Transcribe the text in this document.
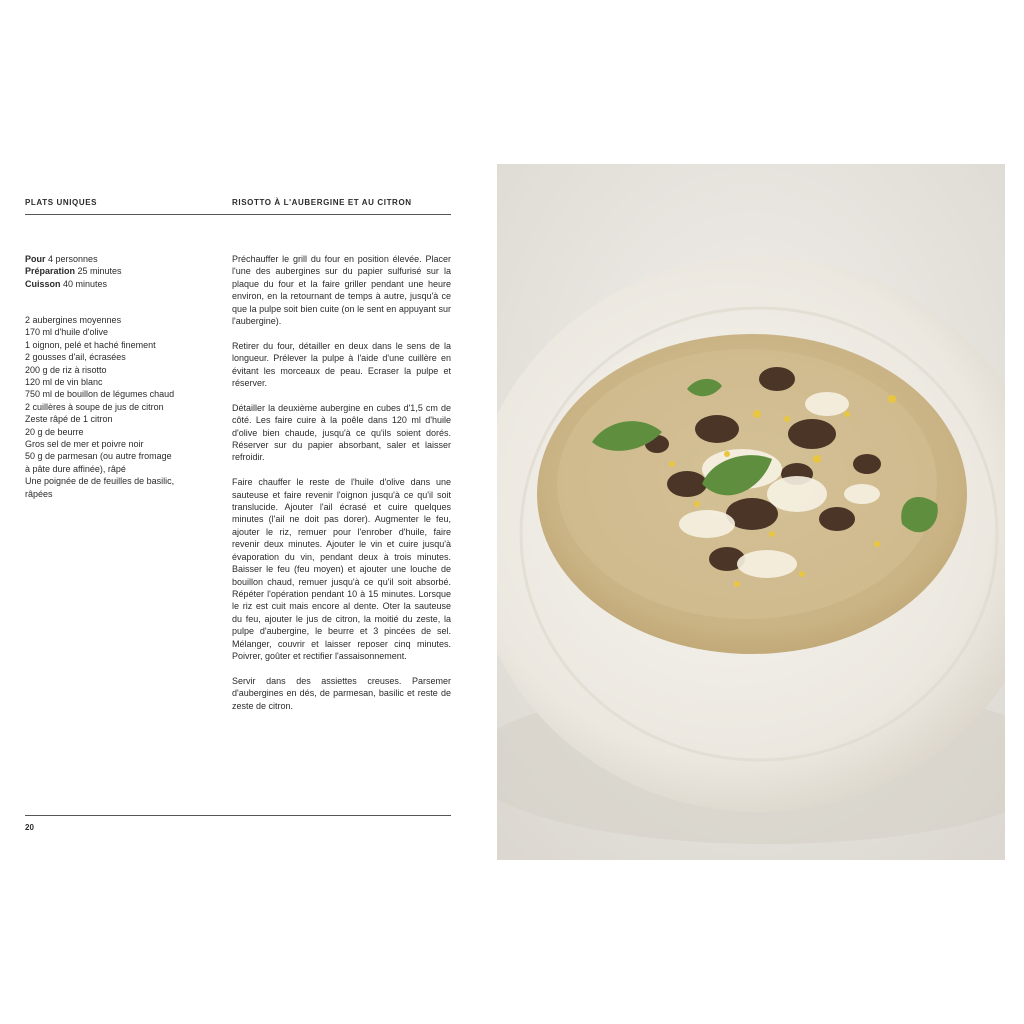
PLATS UNIQUES	RISOTTO À L'AUBERGINE ET AU CITRON
Pour 4 personnes
Préparation 25 minutes
Cuisson 40 minutes
2 aubergines moyennes
170 ml d'huile d'olive
1 oignon, pelé et haché finement
2 gousses d'ail, écrasées
200 g de riz à risotto
120 ml de vin blanc
750 ml de bouillon de légumes chaud
2 cuillères à soupe de jus de citron
Zeste râpé de 1 citron
20 g de beurre
Gros sel de mer et poivre noir
50 g de parmesan (ou autre fromage
à pâte dure affinée), râpé
Une poignée de de feuilles de basilic,
râpées

Préchauffer le grill du four en position élevée. Placer l'une des aubergines sur du papier sulfurisé sur la plaque du four et la faire griller pendant une heure environ, en la retournant de temps à autre, jusqu'à ce que la pulpe soit bien cuite (on le sent en appuyant sur l'aubergine).

Retirer du four, détailler en deux dans le sens de la longueur. Prélever la pulpe à l'aide d'une cuillère en évitant les morceaux de peau. Ecraser la pulpe et réserver.

Détailler la deuxième aubergine en cubes d'1,5 cm de côté. Les faire cuire à la poêle dans 120 ml d'huile d'olive bien chaude, jusqu'à ce qu'ils soient dorés. Réserver sur du papier absorbant, saler et laisser refroidir.

Faire chauffer le reste de l'huile d'olive dans une sauteuse et faire revenir l'oignon jusqu'à ce qu'il soit translucide. Ajouter l'ail écrasé et cuire quelques minutes (l'ail ne doit pas dorer). Augmenter le feu, ajouter le riz, remuer pour l'enrober d'huile, faire revenir deux minutes. Ajouter le vin et cuire jusqu'à évaporation du vin, pendant deux à trois minutes. Baisser le feu (feu moyen) et ajouter une louche de bouillon chaud, remuer jusqu'à ce qu'il soit absorbé. Répéter l'opération pendant 10 à 15 minutes. Lorsque le riz est cuit mais encore al dente. Oter la sauteuse du feu, ajouter le jus de citron, la moitié du zeste, la pulpe d'aubergine, le beurre et 3 pincées de sel. Mélanger, couvrir et laisser reposer cinq minutes. Poivrer, goûter et rectifier l'assaisonnement.

Servir dans des assiettes creuses. Parsemer d'aubergines en dés, de parmesan, basilic et reste de zeste de citron.

20
